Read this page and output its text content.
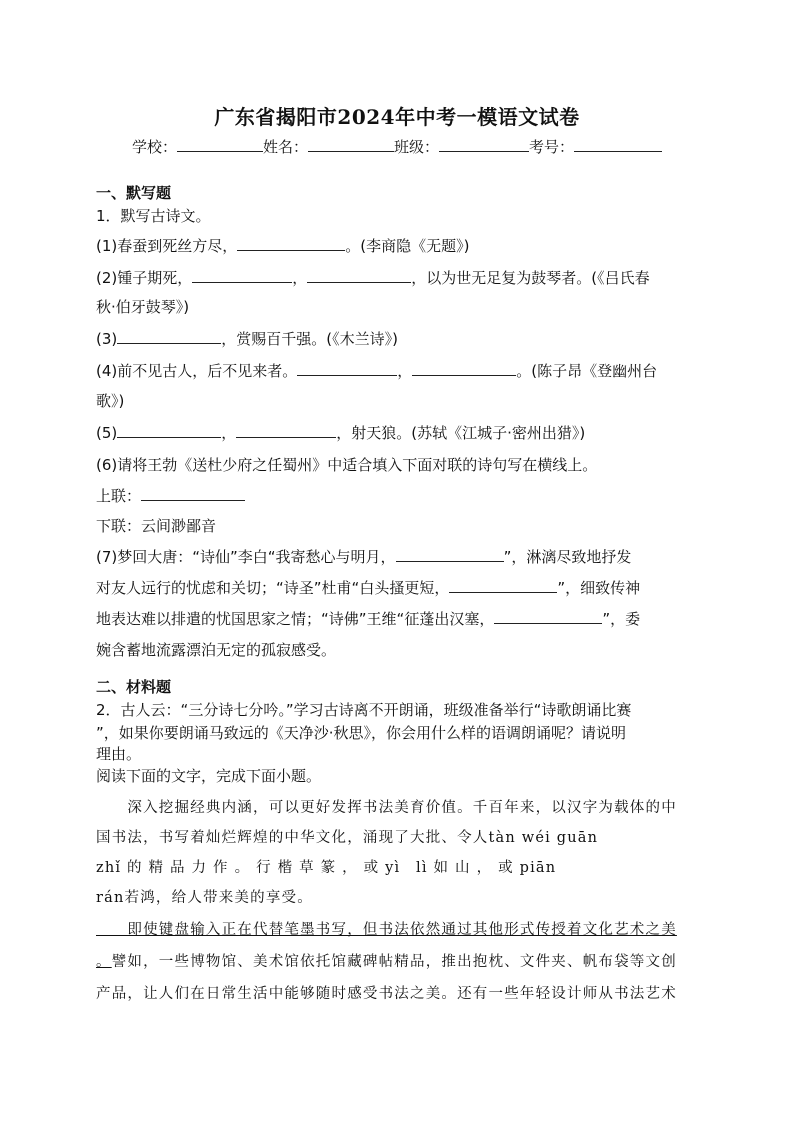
广东省揭阳市2024年中考一模语文试卷
学校：	姓名：	班级：	考号：
一、默写题
1．默写古诗文。
(1)春蚕到死丝方尽，	。(李商隐《无题》)
(2)锺子期死，	，	，以为世无足复为鼓琴者。(《吕氏春
秋·伯牙鼓琴》)
(3)	，赏赐百千强。(《木兰诗》)
(4)前不见古人，后不见来者。	，	。(陈子昂《登幽州台
歌》)
(5)	，	，射天狼。(苏轼《江城子·密州出猎》)
(6)请将王勃《送杜少府之任蜀州》中适合填入下面对联的诗句写在横线上。
上联：
下联：云间渺鄙音
(7)梦回大唐：“诗仙”李白“我寄愁心与明月，	”，淋漓尽致地抒发
对友人远行的忧虑和关切；“诗圣”杜甫“白头搔更短，	”，细致传神
地表达难以排遣的忧国思家之情；“诗佛”王维“征蓬出汉塞，	”，委
婉含蓄地流露漂泊无定的孤寂感受。
二、材料题
2．古人云：“三分诗七分吟。”学习古诗离不开朗诵，班级准备举行“诗歌朗诵比赛
”，如果你要朗诵马致远的《天净沙·秋思》，你会用什么样的语调朗诵呢？请说明
理由。
阅读下面的文字，完成下面小题。
　　深入挖掘经典内涵，可以更好发挥书法美育价值。千百年来，以汉字为载体的中
国书法，书写着灿烂辉煌的中华文化，涌现了大批、令人tàn wéi guān
zhǐ 的 精 品 力 作 。 行 楷 草 篆 ， 或 yì　lì 如 山 ， 或 piān
rán若鸿，给人带来美的享受。
　　即使键盘输入正在代替笔墨书写，但书法依然通过其他形式传授着文化艺术之美
。譬如，一些博物馆、美术馆依托馆藏碑帖精品，推出抱枕、文件夹、帆布袋等文创
产品，让人们在日常生活中能够随时感受书法之美。还有一些年轻设计师从书法艺术
